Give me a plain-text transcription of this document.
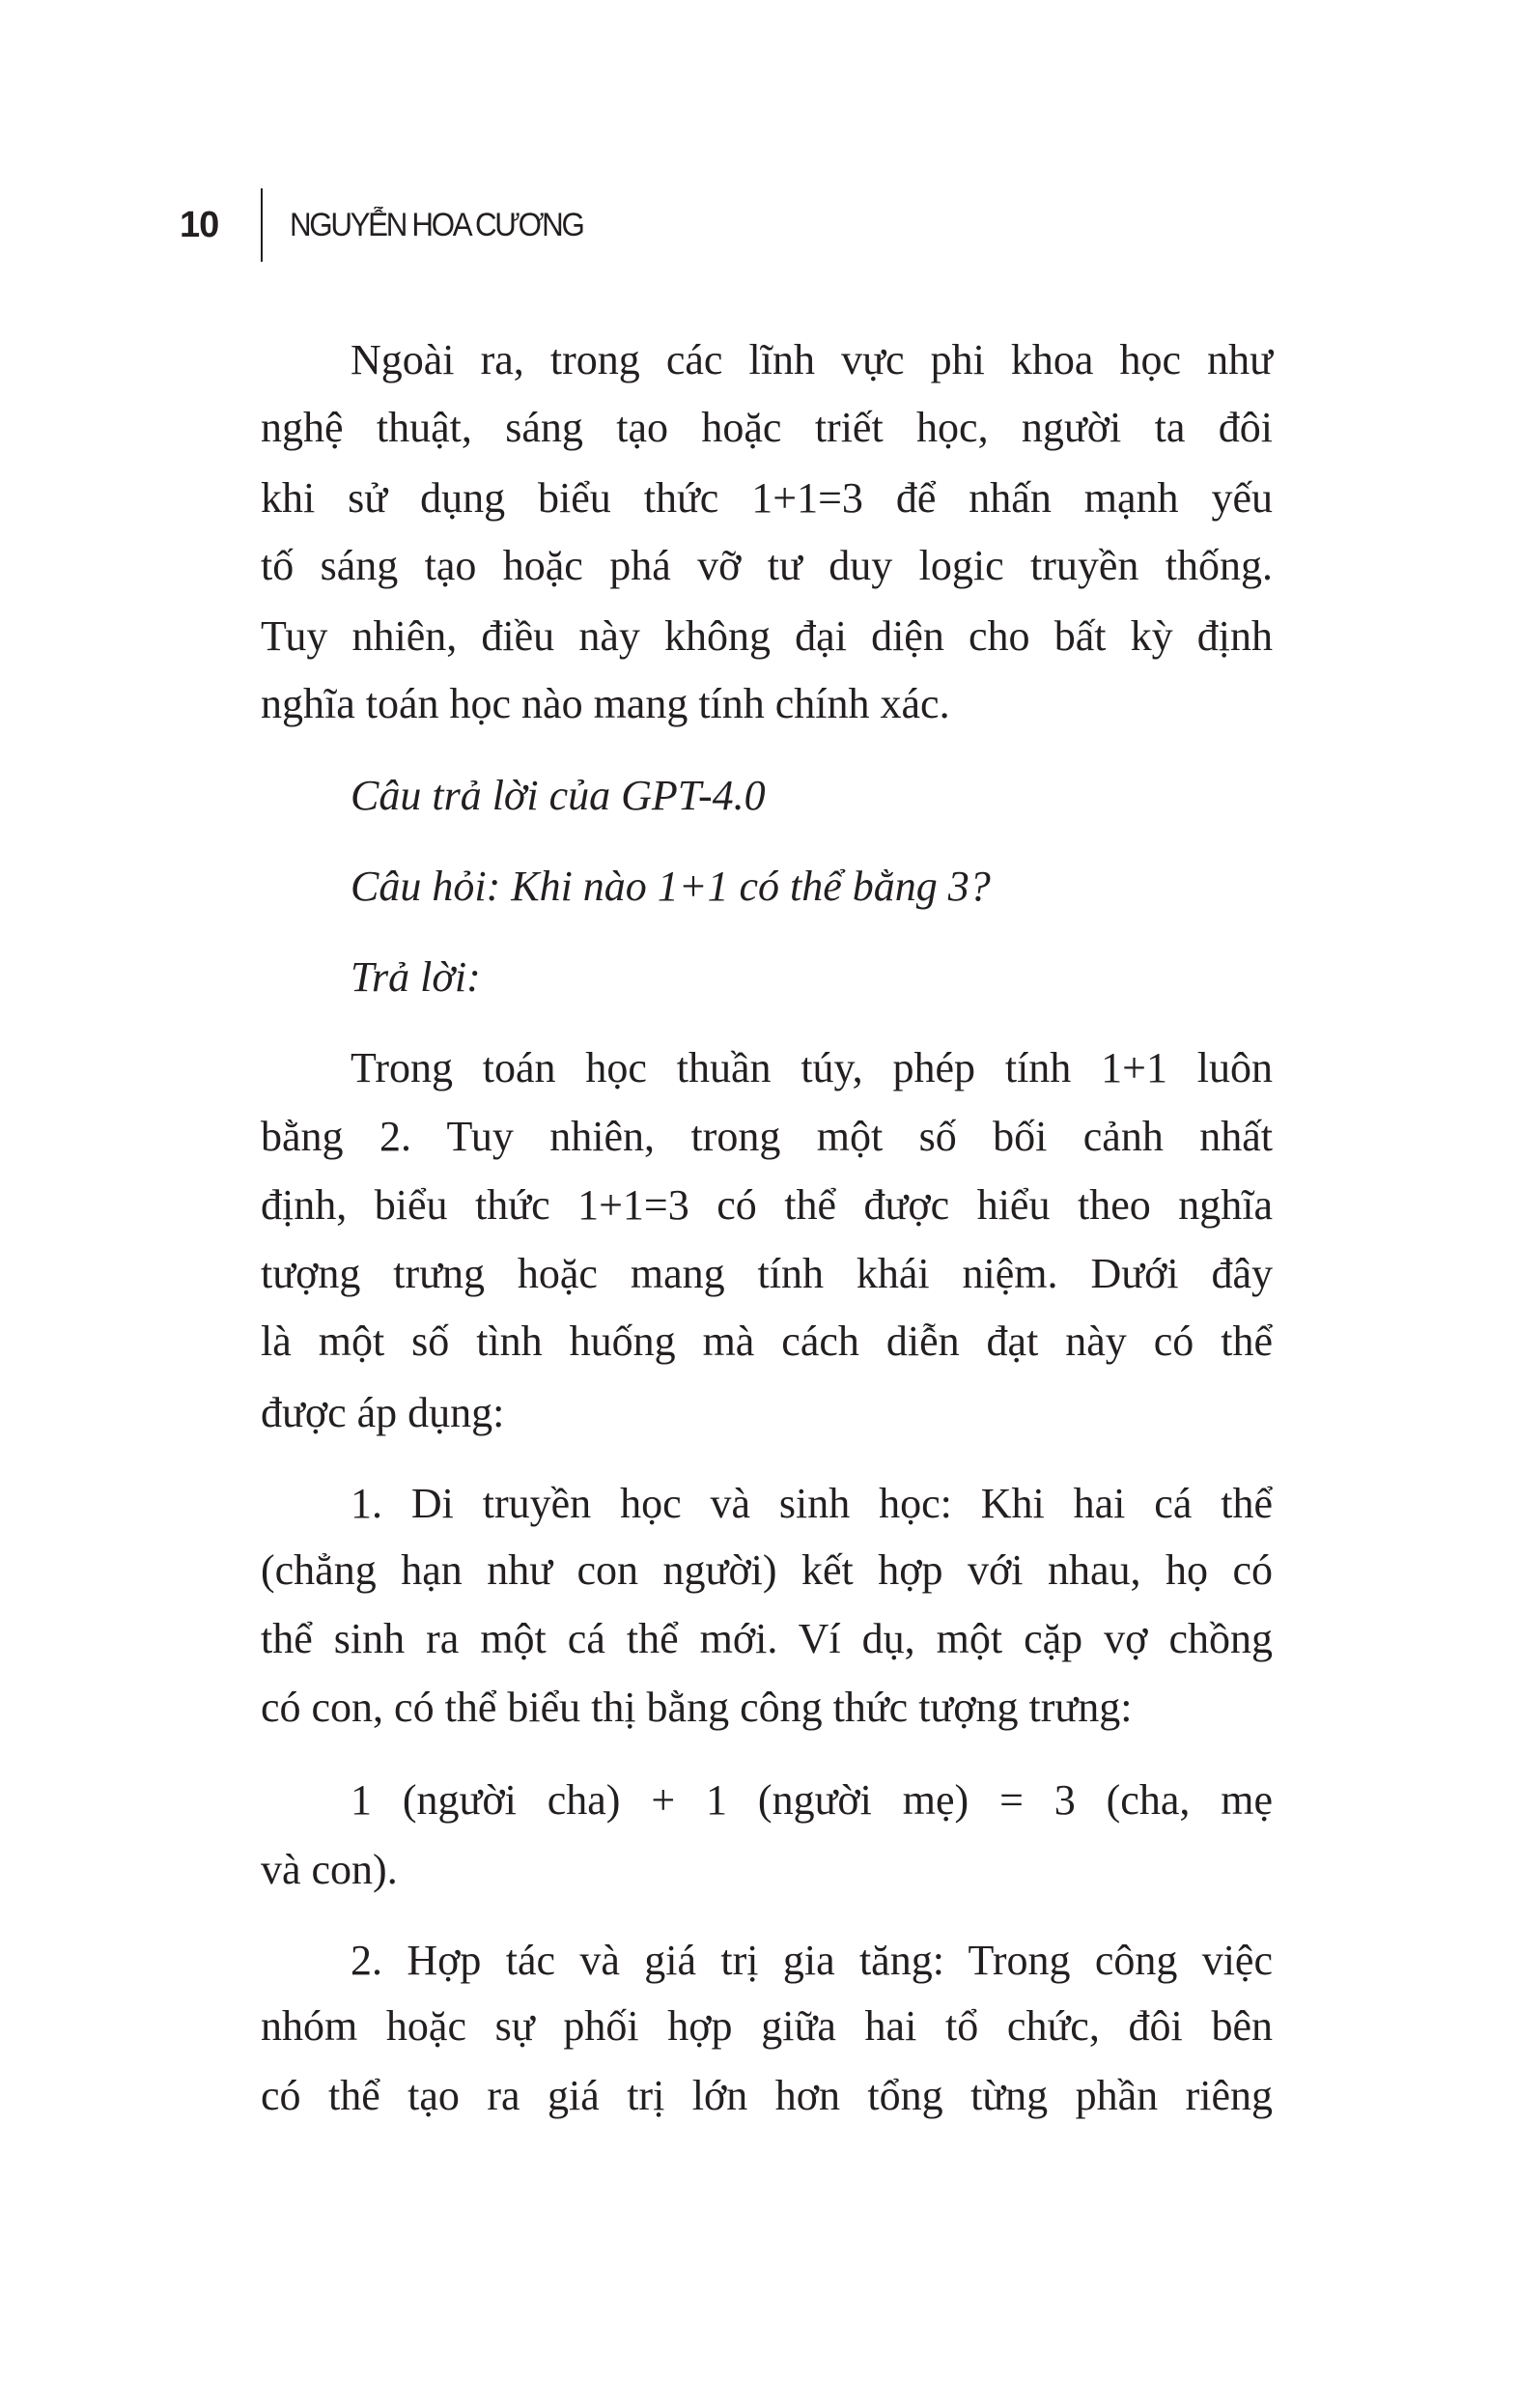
10 NGUYỄN HOA CƯƠNG
Ngoài ra, trong các lĩnh vực phi khoa học như
nghệ thuật, sáng tạo hoặc triết học, người ta đôi
khi sử dụng biểu thức 1+1=3 để nhấn mạnh yếu
tố sáng tạo hoặc phá vỡ tư duy logic truyền thống.
Tuy nhiên, điều này không đại diện cho bất kỳ định
nghĩa toán học nào mang tính chính xác.
Câu trả lời của GPT-4.0
Câu hỏi: Khi nào 1+1 có thể bằng 3?
Trả lời:
Trong toán học thuần túy, phép tính 1+1 luôn
bằng 2. Tuy nhiên, trong một số bối cảnh nhất
định, biểu thức 1+1=3 có thể được hiểu theo nghĩa
tượng trưng hoặc mang tính khái niệm. Dưới đây
là một số tình huống mà cách diễn đạt này có thể
được áp dụng:
1. Di truyền học và sinh học: Khi hai cá thể
(chẳng hạn như con người) kết hợp với nhau, họ có
thể sinh ra một cá thể mới. Ví dụ, một cặp vợ chồng
có con, có thể biểu thị bằng công thức tượng trưng:
1 (người cha) + 1 (người mẹ) = 3 (cha, mẹ
và con).
2. Hợp tác và giá trị gia tăng: Trong công việc
nhóm hoặc sự phối hợp giữa hai tổ chức, đôi bên
có thể tạo ra giá trị lớn hơn tổng từng phần riêng
